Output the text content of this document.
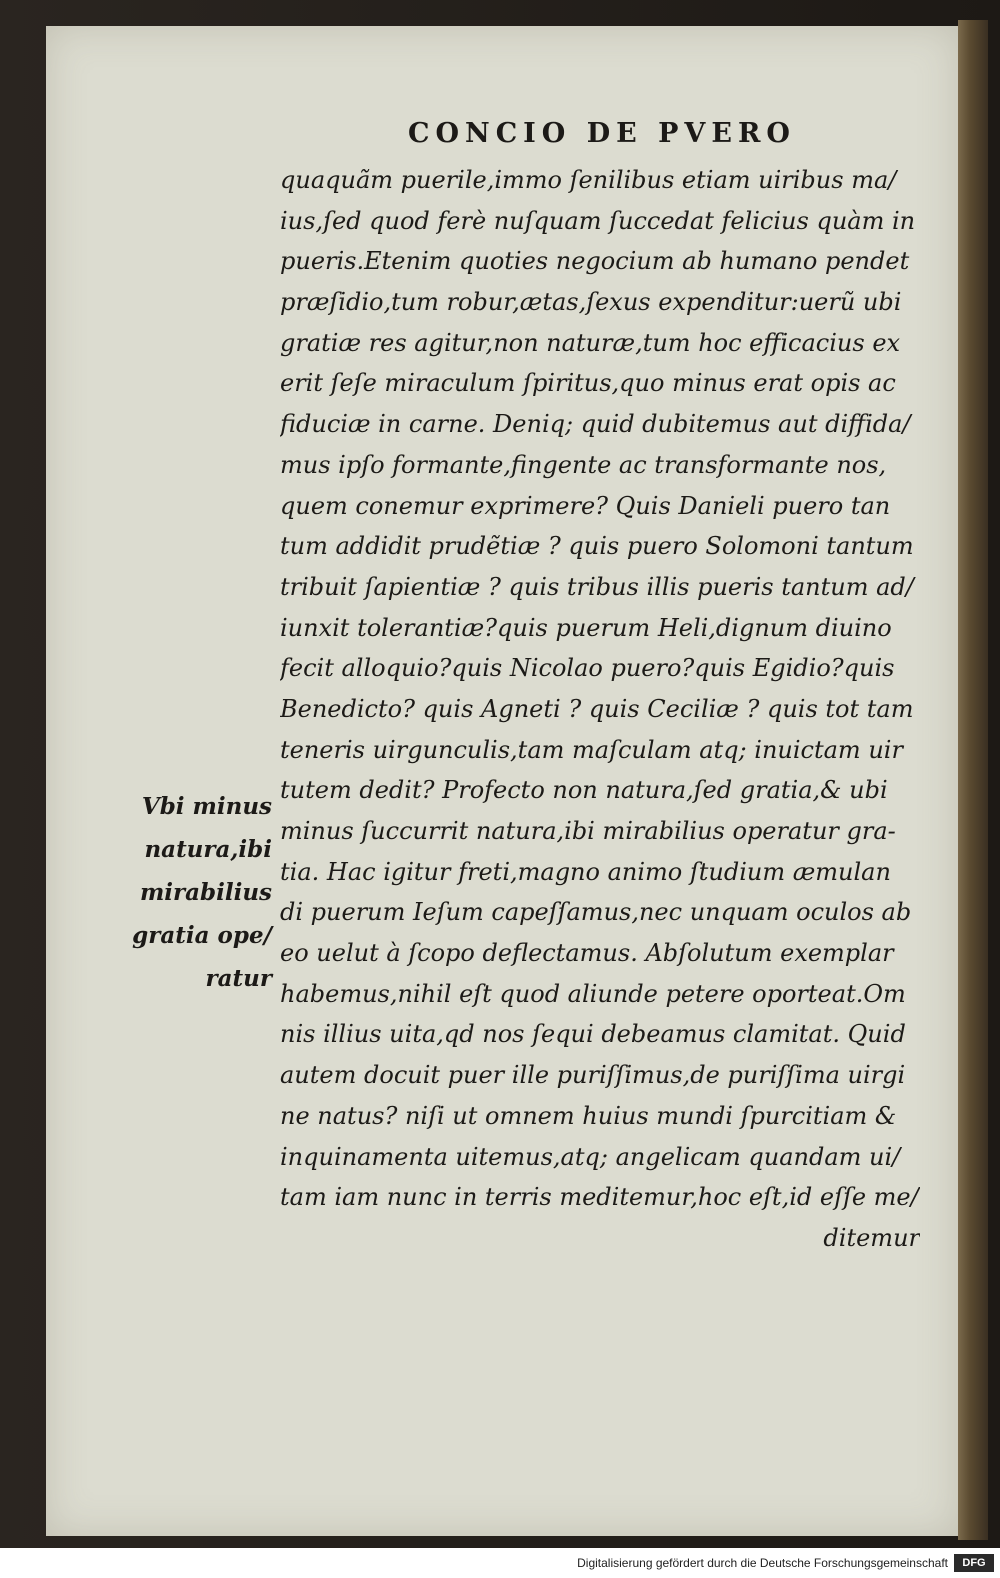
CONCIO DE PVERO
quaquãm puerile,immo ſenilibus etiam uiribus ma/
ius,ſed quod ferè nuſquam ſuccedat felicius quàm in
pueris.Etenim quoties negocium ab humano pendet
præſidio,tum robur,ætas,ſexus expenditur:uerũ ubi
gratiæ res agitur,non naturæ,tum hoc efficacius ex
erit ſeſe miraculum ſpiritus,quo minus erat opis ac
fiduciæ in carne. Deniq; quid dubitemus aut diffida/
mus ipſo formante,fingente ac transformante nos,
quem conemur exprimere? Quis Danieli puero tan
tum addidit prudẽtiæ ? quis puero Solomoni tantum
tribuit ſapientiæ ? quis tribus illis pueris tantum ad/
iunxit tolerantiæ?quis puerum Heli,dignum diuino
fecit alloquio?quis Nicolao puero?quis Egidio?quis
Benedicto? quis Agneti ? quis Ceciliæ ? quis tot tam
teneris uirgunculis,tam maſculam atq; inuictam uir
tutem dedit? Profecto non natura,ſed gratia,& ubi
minus ſuccurrit natura,ibi mirabilius operatur gra-
tia. Hac igitur freti,magno animo ſtudium æmulan
di puerum Ieſum capeſſamus,nec unquam oculos ab
eo uelut à ſcopo deflectamus. Abſolutum exemplar
habemus,nihil eſt quod aliunde petere oporteat.Om
nis illius uita,qd nos ſequi debeamus clamitat. Quid
autem docuit puer ille puriſſimus,de puriſſima uirgi
ne natus? niſi ut omnem huius mundi ſpurcitiam &
inquinamenta uitemus,atq; angelicam quandam ui/
tam iam nunc in terris meditemur,hoc eſt,id eſſe me/
ditemur
Vbi minus
natura,ibi
mirabilius
gratia ope/
ratur
Digitalisierung gefördert durch die Deutsche Forschungsgemeinschaft	DFG
